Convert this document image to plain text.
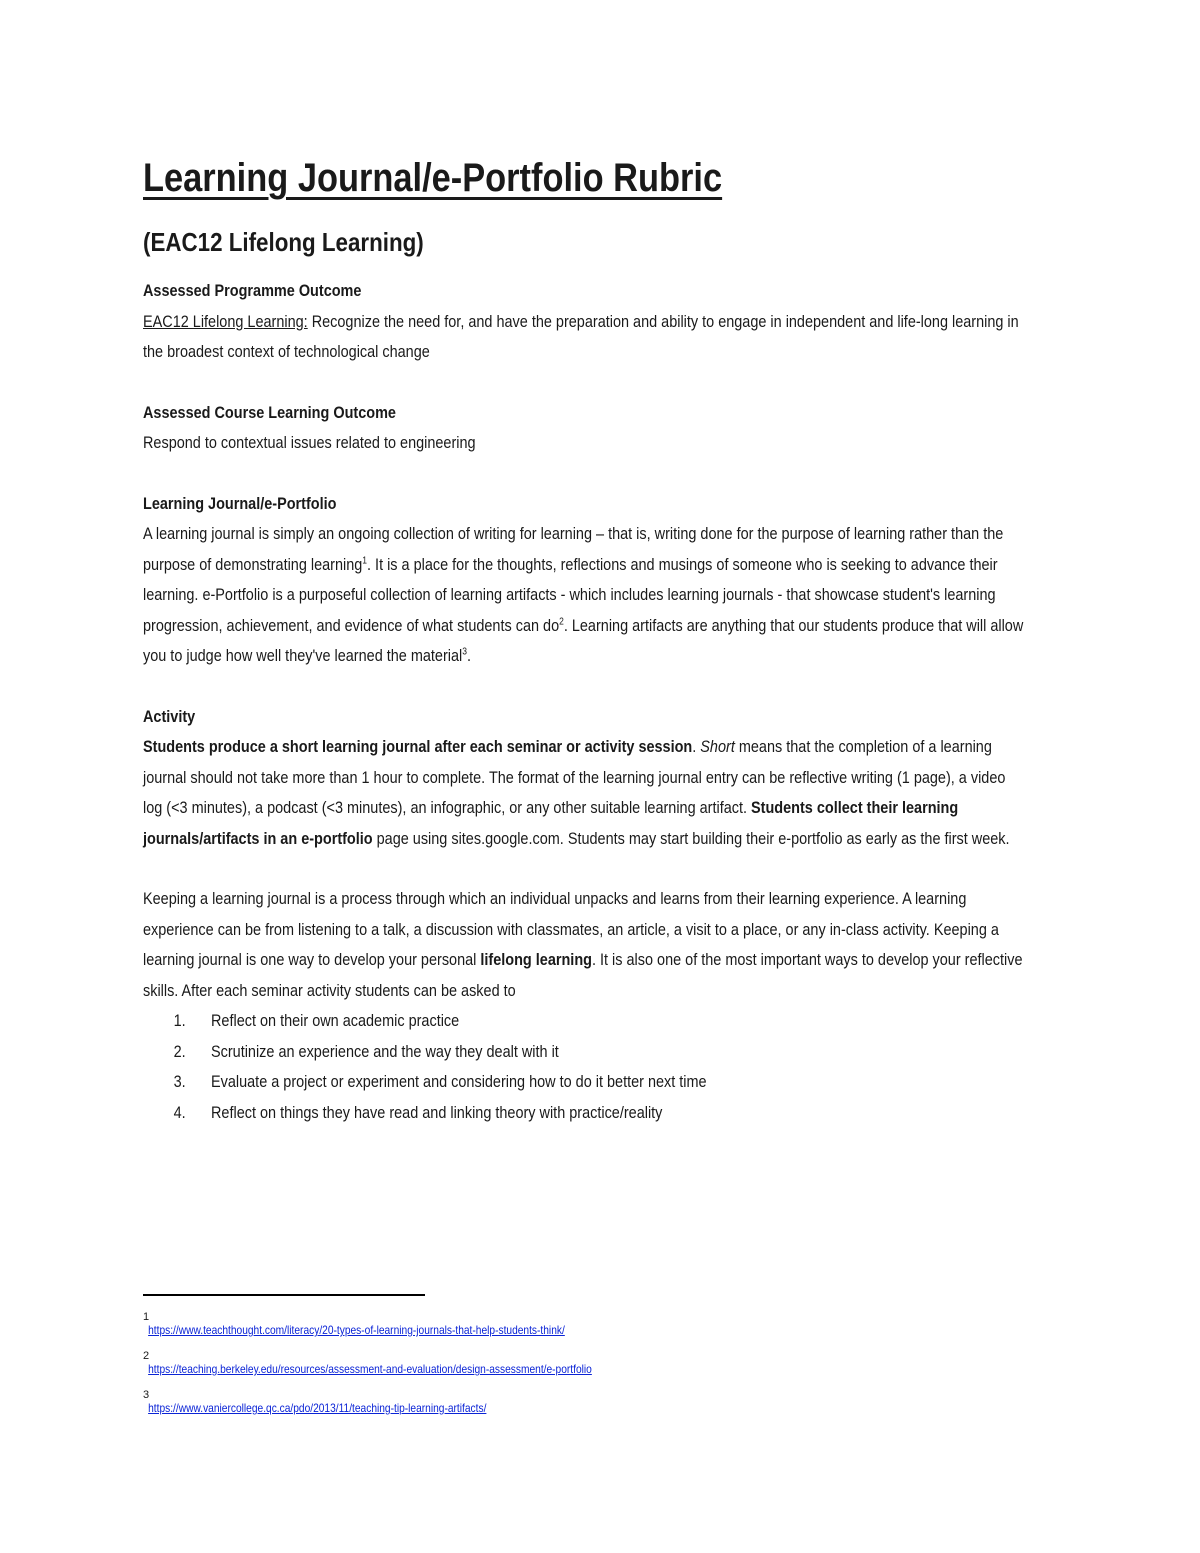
Learning Journal/e-Portfolio Rubric
(EAC12 Lifelong Learning)
Assessed Programme Outcome

EAC12 Lifelong Learning: Recognize the need for, and have the preparation and ability to engage in independent and life-long learning in the broadest context of technological change

Assessed Course Learning Outcome

Respond to contextual issues related to engineering

Learning Journal/e-Portfolio

A learning journal is simply an ongoing collection of writing for learning – that is, writing done for the purpose of learning rather than the purpose of demonstrating learning$^1$. It is a place for the thoughts, reflections and musings of someone who is seeking to advance their learning. e-Portfolio is a purposeful collection of learning artifacts - which includes learning journals - that showcase student's learning progression, achievement, and evidence of what students can $do^2$. Learning artifacts are anything that our students produce that will allow you to judge how well they've learned the material$^3$.

Activity

Students produce a short learning journal after each seminar or activity session. Short means that the completion of a learning journal should not take more than 1 hour to complete. The format of the learning journal entry can be reflective writing (1 page), a video log (<3 minutes), a podcast (<3 minutes), an infographic, or any other suitable learning artifact. Students collect their learning journals/artifacts in an e-portfolio page using sites.google.com. Students may start building their e-portfolio as early as the first week.

Keeping a learning journal is a process through which an individual unpacks and learns from their learning experience. A learning experience can be from listening to a talk, a discussion with classmates, an article, a visit to a place, or any in-class activity. Keeping a learning journal is one way to develop your personal lifelong learning. It is also one of the most important ways to develop your reflective skills. After each seminar activity students can be asked to

1. Reflect on their own academic practice
2. Scrutinize an experience and the way they dealt with it
3. Evaluate a project or experiment and considering how to do it better next time
4. Reflect on things they have read and linking theory with practice/reality
1
https://www.teachthought.com/literacy/20-types-of-learning-journals-that-help-students-think/
2
https://teaching.berkeley.edu/resources/assessment-and-evaluation/design-assessment/e-portfolio
3
https://www.vaniercollege.qc.ca/pdo/2013/11/teaching-tip-learning-artifacts/
